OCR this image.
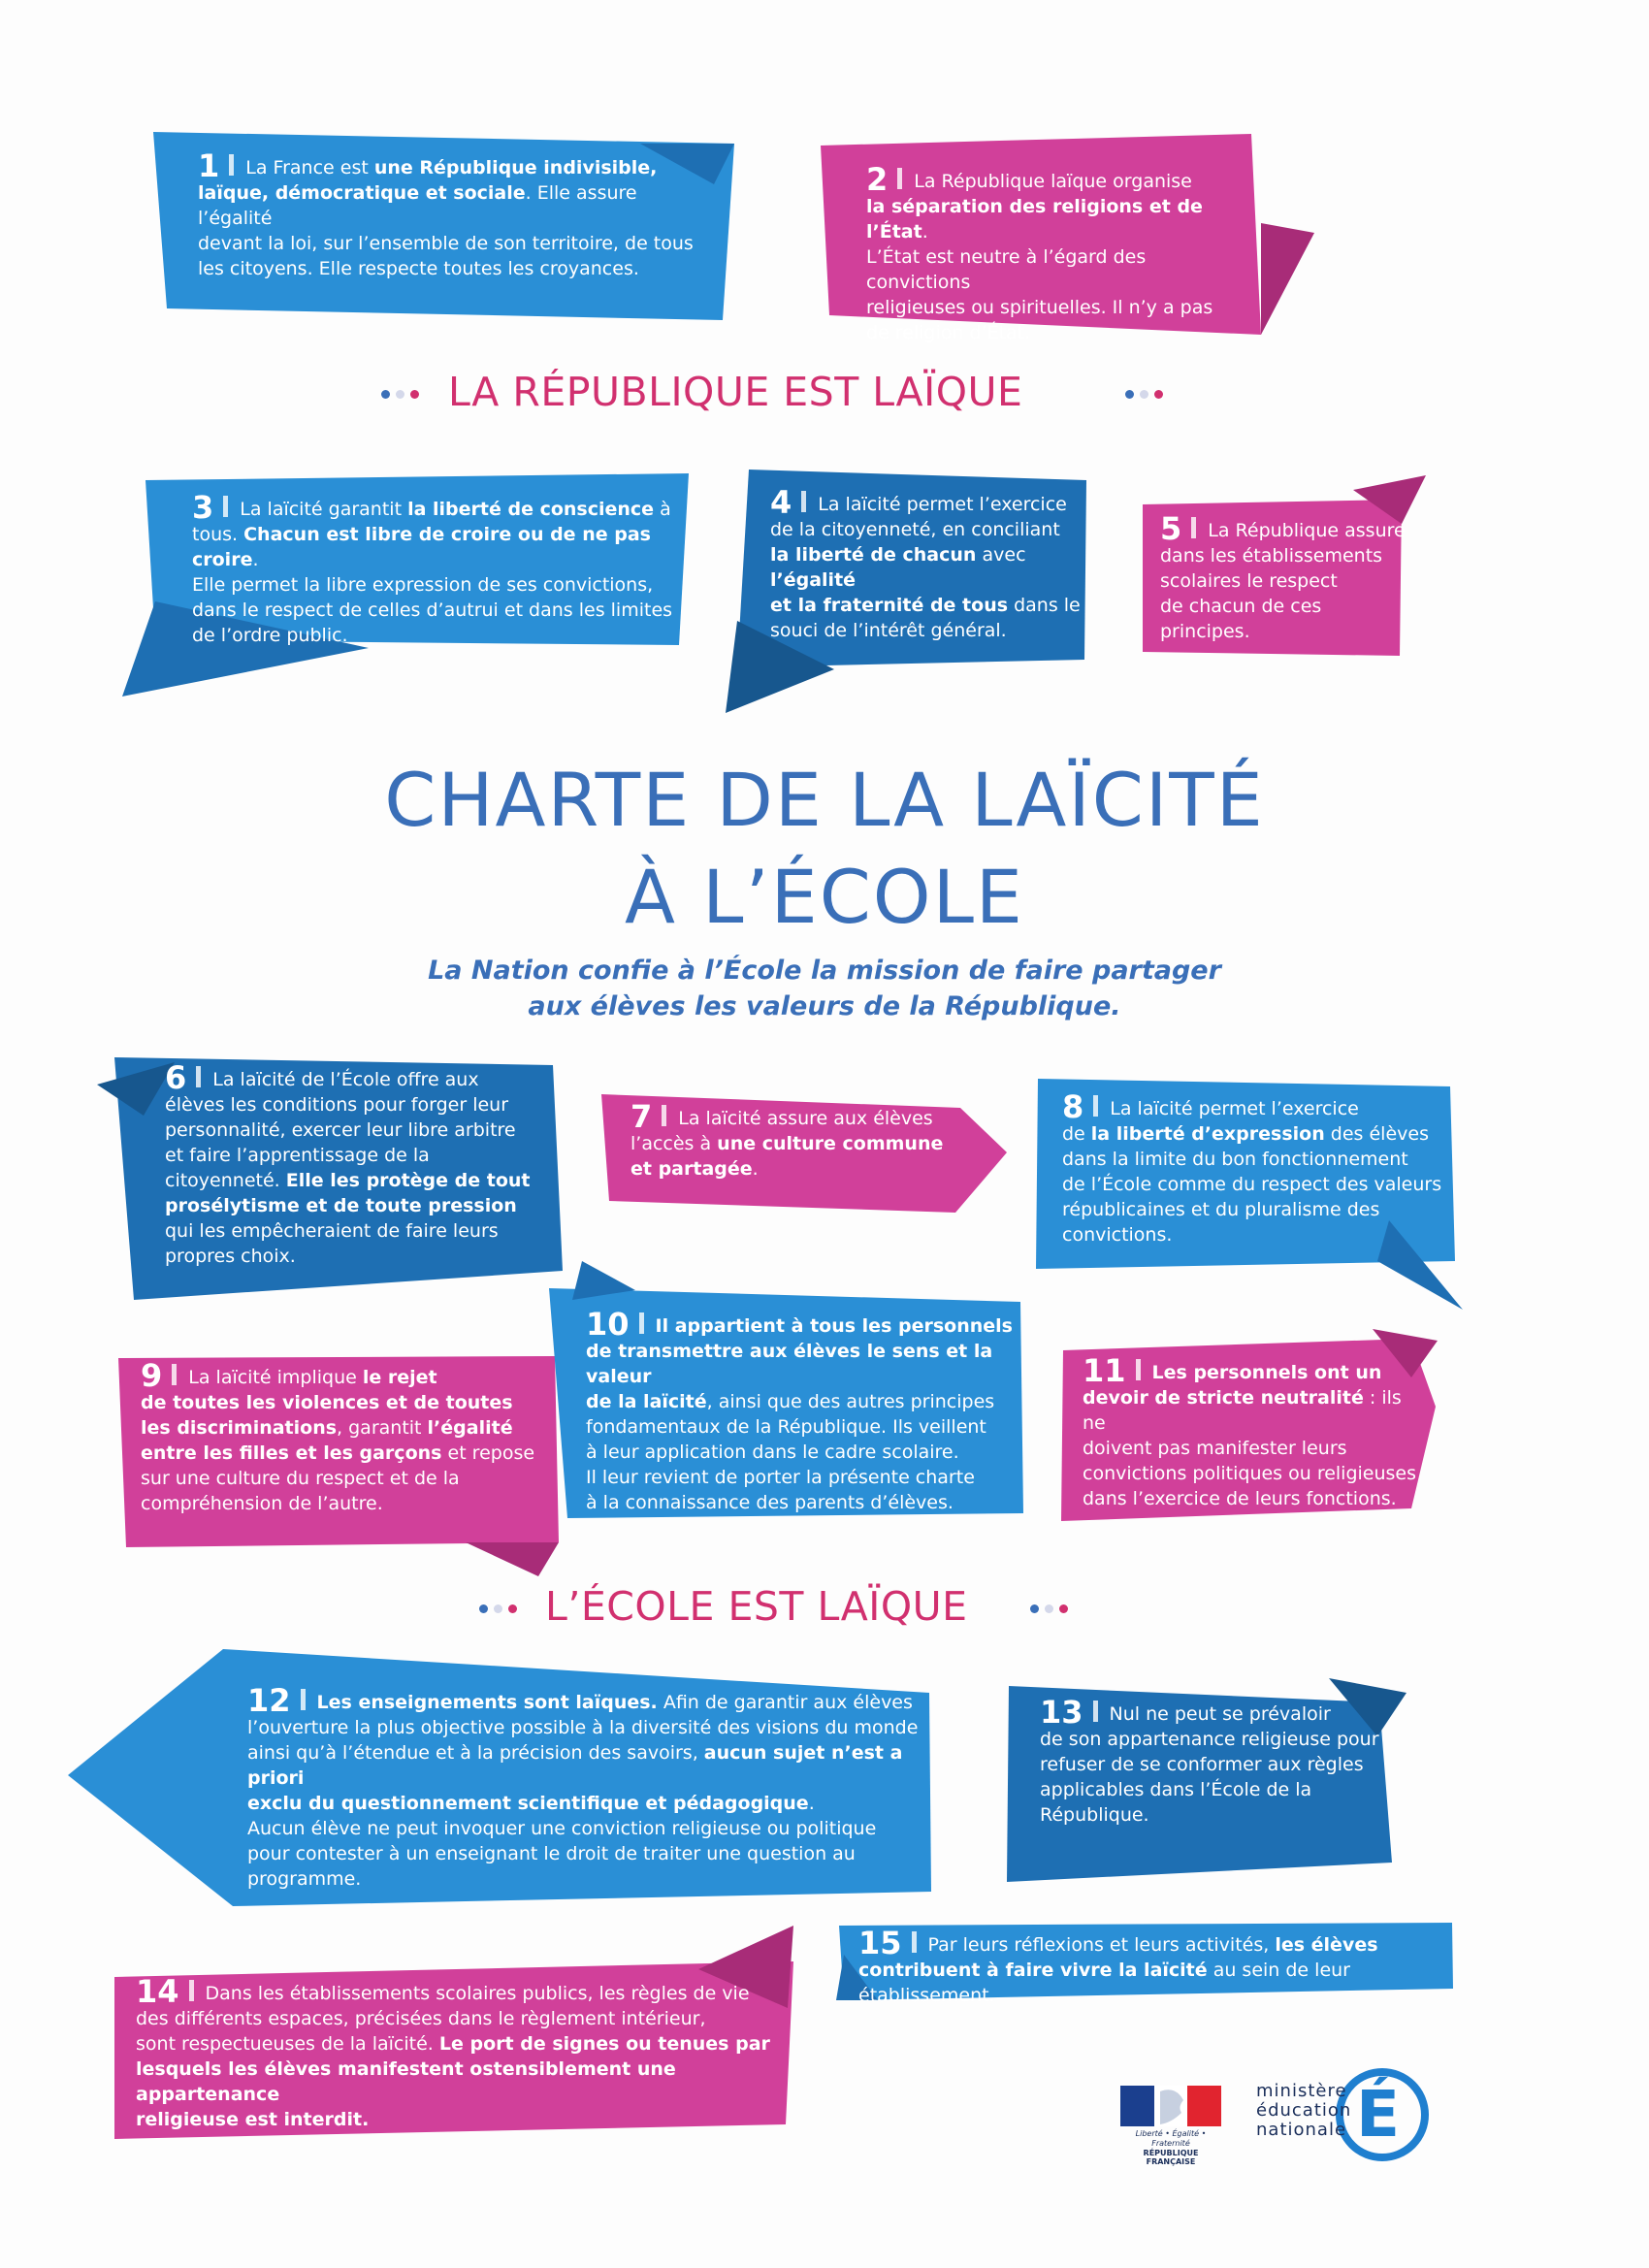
1 La France est une République indivisible,

laïque, démocratique et sociale. Elle assure l’égalité

devant la loi, sur l’ensemble de son territoire, de tous

les citoyens. Elle respecte toutes les croyances.

2 La République laïque organise

la séparation des religions et de l’État.

L’État est neutre à l’égard des convictions

religieuses ou spirituelles. Il n’y a pas

de religion d’État.

3 La laïcité garantit la liberté de conscience à

tous. Chacun est libre de croire ou de ne pas croire.

Elle permet la libre expression de ses convictions,

dans le respect de celles d’autrui et dans les limites

de l’ordre public.

4 La laïcité permet l’exercice

de la citoyenneté, en conciliant

la liberté de chacun avec l’égalité

et la fraternité de tous dans le

souci de l’intérêt général.

5 La République assure

dans les établissements

scolaires le respect

de chacun de ces principes.

LA RÉPUBLIQUE EST LAÏQUE
CHARTE DE LA LAÏCITÉ
À L’ÉCOLE

La Nation confie à l’École la mission de faire partager

aux élèves les valeurs de la République.

6 La laïcité de l’École offre aux

élèves les conditions pour forger leur

personnalité, exercer leur libre arbitre

et faire l’apprentissage de la

citoyenneté. Elle les protège de tout

prosélytisme et de toute pression

qui les empêcheraient de faire leurs

propres choix.

7 La laïcité assure aux élèves

l’accès à une culture commune

et partagée.

8 La laïcité permet l’exercice

de la liberté d’expression des élèves

dans la limite du bon fonctionnement

de l’École comme du respect des valeurs

républicaines et du pluralisme des

convictions.

9 La laïcité implique le rejet

de toutes les violences et de toutes

les discriminations, garantit l’égalité

entre les filles et les garçons et repose

sur une culture du respect et de la

compréhension de l’autre.

10 Il appartient à tous les personnels

de transmettre aux élèves le sens et la valeur

de la laïcité, ainsi que des autres principes

fondamentaux de la République. Ils veillent

à leur application dans le cadre scolaire.

Il leur revient de porter la présente charte

à la connaissance des parents d’élèves.

11 Les personnels ont un

devoir de stricte neutralité : ils ne

doivent pas manifester leurs

convictions politiques ou religieuses

dans l’exercice de leurs fonctions.

L’ÉCOLE EST LAÏQUE

12 Les enseignements sont laïques. Afin de garantir aux élèves

l’ouverture la plus objective possible à la diversité des visions du monde

ainsi qu’à l’étendue et à la précision des savoirs, aucun sujet n’est a priori

exclu du questionnement scientifique et pédagogique.

Aucun élève ne peut invoquer une conviction religieuse ou politique

pour contester à un enseignant le droit de traiter une question au

programme.

13 Nul ne peut se prévaloir

de son appartenance religieuse pour

refuser de se conformer aux règles

applicables dans l’École de la

République.

14 Dans les établissements scolaires publics, les règles de vie

des différents espaces, précisées dans le règlement intérieur,

sont respectueuses de la laïcité. Le port de signes ou tenues par

lesquels les élèves manifestent ostensiblement une appartenance

religieuse est interdit.

15 Par leurs réflexions et leurs activités, les élèves

contribuent à faire vivre la laïcité au sein de leur établissement.

Liberté • Égalité • Fraternité
RÉPUBLIQUE FRANÇAISE
ministère
éducation
nationale É
